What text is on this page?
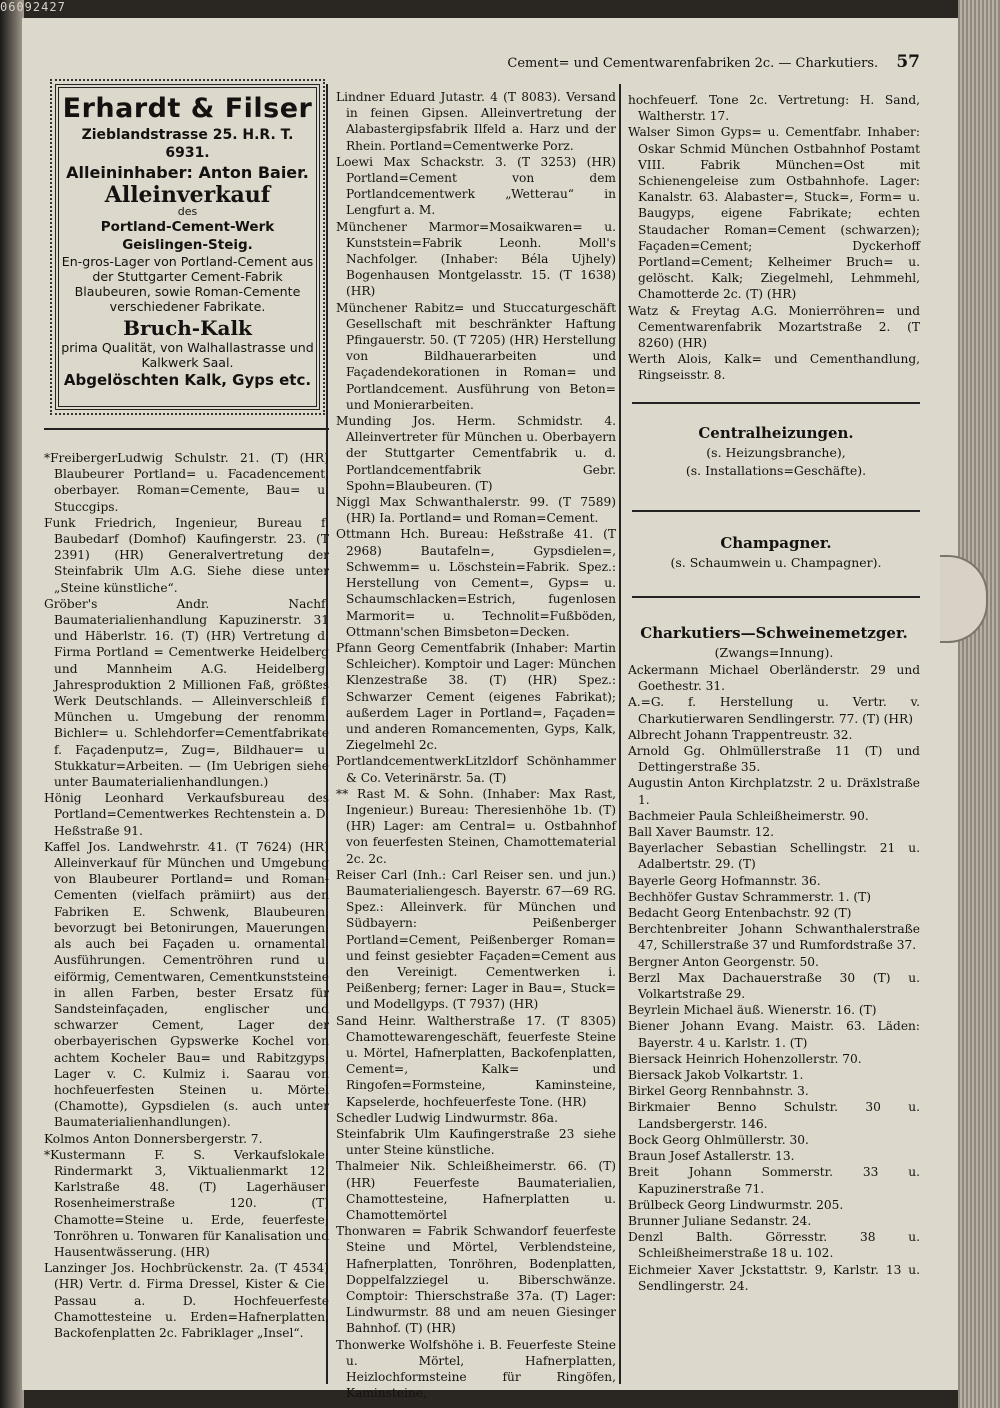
06092427
Cement= und Cementwarenfabriken 2c. — Charkutiers. 57
Erhardt & Filser
Zieblandstrasse 25. H.R. T. 6931.
Alleininhaber: Anton Baier.
Alleinverkauf
des
Portland-Cement-Werk Geislingen-Steig.
En-gros-Lager von Portland-Cement aus der Stuttgarter Cement-Fabrik Blaubeuren, sowie Roman-Cemente verschiedener Fabrikate.
Bruch-Kalk
prima Qualität, von Walhallastrasse und Kalkwerk Saal.
Abgelöschten Kalk, Gyps etc.

*FreibergerLudwig Schulstr. 21. (T) (HR) Blaubeurer Portland= u. Facadencement, oberbayer. Roman=Cemente, Bau= u. Stuccgips.

Funk Friedrich, Ingenieur, Bureau f. Baubedarf (Domhof) Kaufingerstr. 23. (T 2391) (HR) Generalvertretung der Steinfabrik Ulm A.G. Siehe diese unter „Steine künstliche“.

Gröber's Andr. Nachf. Baumaterialienhandlung Kapuzinerstr. 31 und Häberlstr. 16. (T) (HR) Vertretung d. Firma Portland = Cementwerke Heidelberg und Mannheim A.G. Heidelberg, Jahresproduktion 2 Millionen Faß, größtes Werk Deutschlands. — Alleinverschleiß f. München u. Umgebung der renomm. Bichler= u. Schlehdorfer=Cementfabrikate f. Façadenputz=, Zug=, Bildhauer= u. Stukkatur=Arbeiten. — (Im Uebrigen siehe unter Baumaterialienhandlungen.)

Hönig Leonhard Verkaufsbureau des Portland=Cementwerkes Rechtenstein a. D. Heßstraße 91.

Kaffel Jos. Landwehrstr. 41. (T 7624) (HR) Alleinverkauf für München und Umgebung von Blaubeurer Portland= und Roman-Cementen (vielfach prämiirt) aus den Fabriken E. Schwenk, Blaubeuren, bevorzugt bei Betonirungen, Mauerungen, als auch bei Façaden u. ornamental. Ausführungen. Cementröhren rund u. eiförmig, Cementwaren, Cementkunststeine in allen Farben, bester Ersatz für Sandsteinfaçaden, englischer und schwarzer Cement, Lager der oberbayerischen Gypswerke Kochel von achtem Kocheler Bau= und Rabitzgyps; Lager v. C. Kulmiz i. Saarau von hochfeuerfesten Steinen u. Mörtel (Chamotte), Gypsdielen (s. auch unter Baumaterialienhandlungen).

Kolmos Anton Donnersbergerstr. 7.

*Kustermann F. S. Verkaufslokale: Rindermarkt 3, Viktualienmarkt 12, Karlstraße 48. (T) Lagerhäuser: Rosenheimerstraße 120. (T) Chamotte=Steine u. Erde, feuerfeste; Tonröhren u. Tonwaren für Kanalisation und Hausentwässerung. (HR)

Lanzinger Jos. Hochbrückenstr. 2a. (T 4534) (HR) Vertr. d. Firma Dressel, Kister & Cie. Passau a. D. Hochfeuerfeste Chamottesteine u. Erden=Hafnerplatten, Backofenplatten 2c. Fabriklager „Insel“.

Lindner Eduard Jutastr. 4 (T 8083). Versand in feinen Gipsen. Alleinvertretung der Alabastergipsfabrik Ilfeld a. Harz und der Rhein. Portland=Cementwerke Porz.

Loewi Max Schackstr. 3. (T 3253) (HR) Portland=Cement von dem Portlandcementwerk „Wetterau“ in Lengfurt a. M.

Münchener Marmor=Mosaikwaren= u. Kunststein=Fabrik Leonh. Moll's Nachfolger. (Inhaber: Béla Ujhely) Bogenhausen Montgelasstr. 15. (T 1638) (HR)

Münchener Rabitz= und Stuccaturgeschäft Gesellschaft mit beschränkter Haftung Pfingauerstr. 50. (T 7205) (HR) Herstellung von Bildhauerarbeiten und Façadendekorationen in Roman= und Portlandcement. Ausführung von Beton= und Monierarbeiten.

Munding Jos. Herm. Schmidstr. 4. Alleinvertreter für München u. Oberbayern der Stuttgarter Cementfabrik u. d. Portlandcementfabrik Gebr. Spohn=Blaubeuren. (T)

Niggl Max Schwanthalerstr. 99. (T 7589) (HR) Ia. Portland= und Roman=Cement.

Ottmann Hch. Bureau: Heßstraße 41. (T 2968) Bautafeln=, Gypsdielen=, Schwemm= u. Löschstein=Fabrik. Spez.: Herstellung von Cement=, Gyps= u. Schaumschlacken=Estrich, fugenlosen Marmorit= u. Technolit=Fußböden, Ottmann'schen Bimsbeton=Decken.

Pfann Georg Cementfabrik (Inhaber: Martin Schleicher). Komptoir und Lager: München Klenzestraße 38. (T) (HR) Spez.: Schwarzer Cement (eigenes Fabrikat); außerdem Lager in Portland=, Façaden= und anderen Romancementen, Gyps, Kalk, Ziegelmehl 2c.

PortlandcementwerkLitzldorf Schönhammer & Co. Veterinärstr. 5a. (T)

** Rast M. & Sohn. (Inhaber: Max Rast, Ingenieur.) Bureau: Theresienhöhe 1b. (T) (HR) Lager: am Central= u. Ostbahnhof von feuerfesten Steinen, Chamottematerial 2c. 2c.

Reiser Carl (Inh.: Carl Reiser sen. und jun.) Baumaterialiengesch. Bayerstr. 67—69 RG. Spez.: Alleinverk. für München und Südbayern: Peißenberger Portland=Cement, Peißenberger Roman= und feinst gesiebter Façaden=Cement aus den Vereinigt. Cementwerken i. Peißenberg; ferner: Lager in Bau=, Stuck= und Modellgyps. (T 7937) (HR)

Sand Heinr. Waltherstraße 17. (T 8305) Chamottewarengeschäft, feuerfeste Steine u. Mörtel, Hafnerplatten, Backofenplatten, Cement=, Kalk= und Ringofen=Formsteine, Kaminsteine, Kapselerde, hochfeuerfeste Tone. (HR)

Schedler Ludwig Lindwurmstr. 86a.

Steinfabrik Ulm Kaufingerstraße 23 siehe unter Steine künstliche.

Thalmeier Nik. Schleißheimerstr. 66. (T) (HR) Feuerfeste Baumaterialien, Chamottesteine, Hafnerplatten u. Chamottemörtel

Thonwaren = Fabrik Schwandorf feuerfeste Steine und Mörtel, Verblendsteine, Hafnerplatten, Tonröhren, Bodenplatten, Doppelfalzziegel u. Biberschwänze. Comptoir: Thierschstraße 37a. (T) Lager: Lindwurmstr. 88 und am neuen Giesinger Bahnhof. (T) (HR)

Thonwerke Wolfshöhe i. B. Feuerfeste Steine u. Mörtel, Hafnerplatten, Heizlochformsteine für Ringöfen, Kaminsteine,

hochfeuerf. Tone 2c. Vertretung: H. Sand, Waltherstr. 17.

Walser Simon Gyps= u. Cementfabr. Inhaber: Oskar Schmid München Ostbahnhof Postamt VIII. Fabrik München=Ost mit Schienengeleise zum Ostbahnhofe. Lager: Kanalstr. 63. Alabaster=, Stuck=, Form= u. Baugyps, eigene Fabrikate; echten Staudacher Roman=Cement (schwarzen); Façaden=Cement; Dyckerhoff Portland=Cement; Kelheimer Bruch= u. gelöscht. Kalk; Ziegelmehl, Lehmmehl, Chamotterde 2c. (T) (HR)

Watz & Freytag A.G. Monierröhren= und Cementwarenfabrik Mozartstraße 2. (T 8260) (HR)

Werth Alois, Kalk= und Cementhandlung, Ringseisstr. 8.

Centralheizungen.
(s. Heizungsbranche),
(s. Installations=Geschäfte).
Champagner.
(s. Schaumwein u. Champagner).
Charkutiers—Schweinemetzger.
(Zwangs=Innung).

Ackermann Michael Oberländerstr. 29 und Goethestr. 31.

A.=G. f. Herstellung u. Vertr. v. Charkutierwaren Sendlingerstr. 77. (T) (HR)

Albrecht Johann Trappentreustr. 32.

Arnold Gg. Ohlmüllerstraße 11 (T) und Dettingerstraße 35.

Augustin Anton Kirchplatzstr. 2 u. Dräxlstraße 1.

Bachmeier Paula Schleißheimerstr. 90.

Ball Xaver Baumstr. 12.

Bayerlacher Sebastian Schellingstr. 21 u. Adalbertstr. 29. (T)

Bayerle Georg Hofmannstr. 36.

Bechhöfer Gustav Schrammerstr. 1. (T)

Bedacht Georg Entenbachstr. 92 (T)

Berchtenbreiter Johann Schwanthalerstraße 47, Schillerstraße 37 und Rumfordstraße 37.

Bergner Anton Georgenstr. 50.

Berzl Max Dachauerstraße 30 (T) u. Volkartstraße 29.

Beyrlein Michael äuß. Wienerstr. 16. (T)

Biener Johann Evang. Maistr. 63. Läden: Bayerstr. 4 u. Karlstr. 1. (T)

Biersack Heinrich Hohenzollerstr. 70.

Biersack Jakob Volkartstr. 1.

Birkel Georg Rennbahnstr. 3.

Birkmaier Benno Schulstr. 30 u. Landsbergerstr. 146.

Bock Georg Ohlmüllerstr. 30.

Braun Josef Astallerstr. 13.

Breit Johann Sommerstr. 33 u. Kapuzinerstraße 71.

Brülbeck Georg Lindwurmstr. 205.

Brunner Juliane Sedanstr. 24.

Denzl Balth. Görresstr. 38 u. Schleißheimerstraße 18 u. 102.

Eichmeier Xaver Jckstattstr. 9, Karlstr. 13 u. Sendlingerstr. 24.
